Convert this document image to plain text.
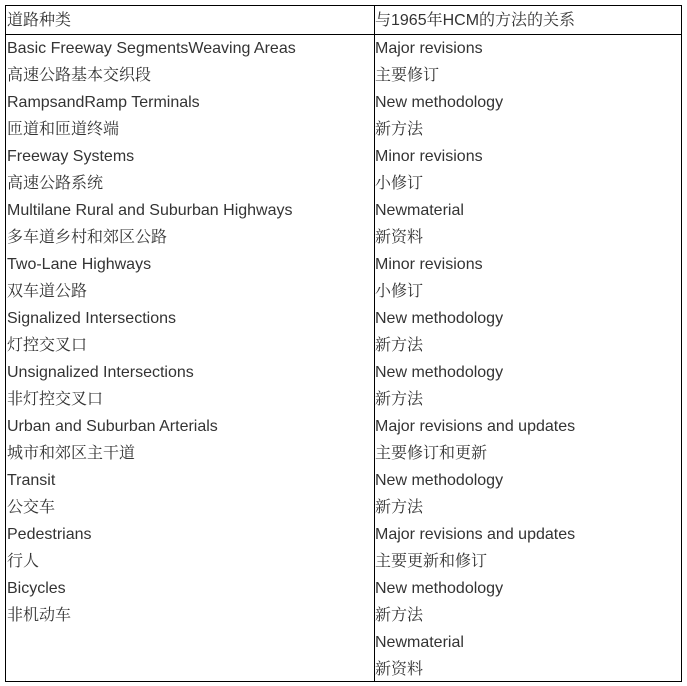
道路种类	与1965年HCM的方法的关系
Basic Freeway SegmentsWeaving Areas
高速公路基本交织段
RampsandRamp Terminals
匝道和匝道终端
Freeway Systems
高速公路系统
Multilane Rural and Suburban Highways
多车道乡村和郊区公路
Two-Lane Highways
双车道公路
Signalized Intersections
灯控交叉口
Unsignalized Intersections
非灯控交叉口
Urban and Suburban Arterials
城市和郊区主干道
Transit
公交车
Pedestrians
行人
Bicycles
非机动车
Major revisions
主要修订
New methodology
新方法
Minor revisions
小修订
Newmaterial
新资料
Minor revisions
小修订
New methodology
新方法
New methodology
新方法
Major revisions and updates
主要修订和更新
New methodology
新方法
Major revisions and updates
主要更新和修订
New methodology
新方法
Newmaterial
新资料
